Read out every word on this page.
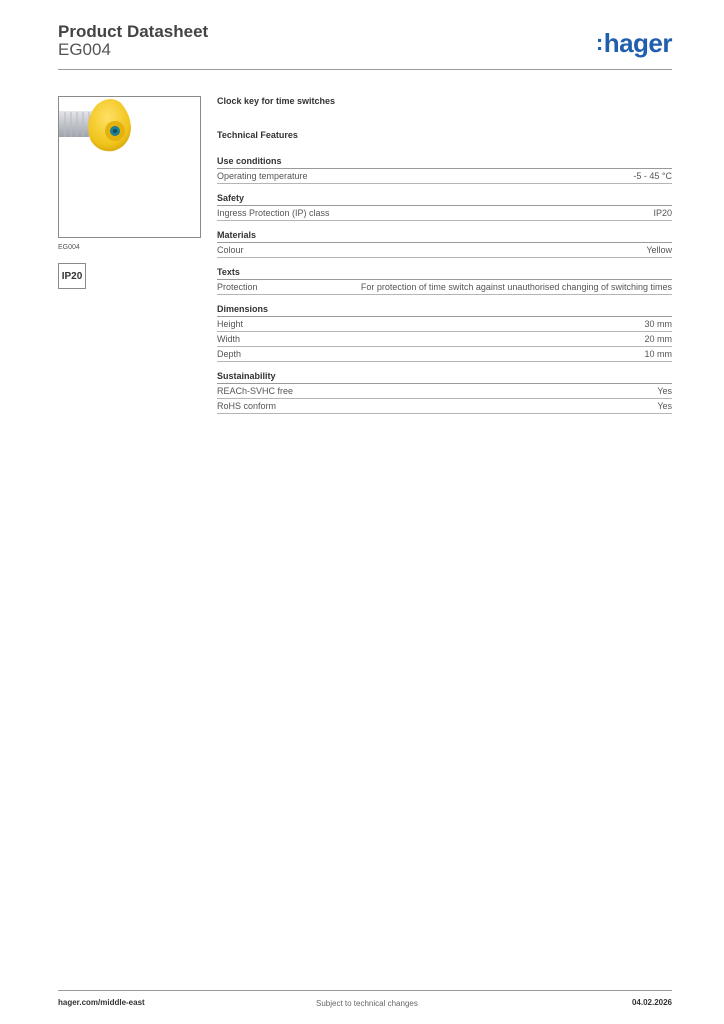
Product Datasheet
EG004	:hager
EG004
IP20
Clock key for time switches
Technical Features
Use conditions
Operating temperature	-5 - 45 °C
Safety
Ingress Protection (IP) class	IP20
Materials
Colour	Yellow
Texts
Protection	For protection of time switch against unauthorised changing of switching times
Dimensions
Height	30 mm
Width	20 mm
Depth	10 mm
Sustainability
REACh-SVHC free	Yes
RoHS conform	Yes
hager.com/middle-east	Subject to technical changes	04.02.2026
